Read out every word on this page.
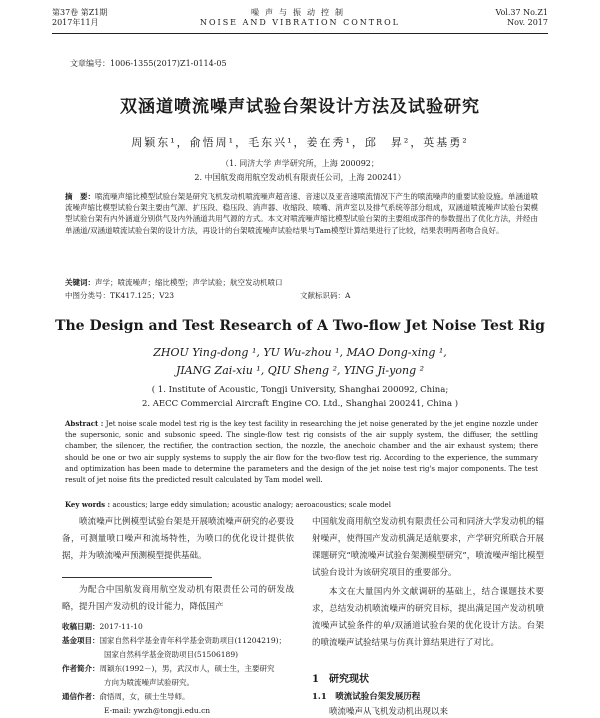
第37卷 第Z1期
2017年11月
噪声与振动控制
NOISE AND VIBRATION CONTROL
Vol.37 No.Z1
Nov. 2017
文章编号：1006-1355(2017)Z1-0114-05
双涵道喷流噪声试验台架设计方法及试验研究
周颖东¹，俞悟周¹，毛东兴¹，姜在秀¹，邱　昇²，英基勇²
（1. 同济大学 声学研究所，上海 200092；
2. 中国航发商用航空发动机有限责任公司，上海 200241）
摘　要：喷流噪声缩比模型试验台架是研究飞机发动机喷流噪声超音速、音速以及亚音速喷流情况下产生的喷流噪声的重要试验设施。单涵道喷流噪声缩比模型试验台架主要由气源、扩压段、稳压段、消声器、收缩段、喷嘴、消声室以及排气系统等部分组成，双涵道喷流噪声试验台架模型试验台架有内外涵道分别供气及内外涵道共用气源的方式。本文对喷流噪声缩比模型试验台架的主要组成部件的参数提出了优化方法，并经由单涵道/双涵道喷流试验台架的设计方法，再设计的台架喷流噪声试验结果与Tam模型计算结果进行了比较，结果表明两者吻合良好。
关键词：声学；喷流噪声；缩比模型；声学试验；航空发动机喷口
中图分类号：TK417.125；V23	文献标识码：A
The Design and Test Research of A Two-flow Jet Noise Test Rig
ZHOU Ying-dong ¹, YU Wu-zhou ¹, MAO Dong-xing ¹,
JIANG Zai-xiu ¹, QIU Sheng ², YING Ji-yong ²
( 1. Institute of Acoustic, Tongji University, Shanghai 200092, China;
2. AECC Commercial Aircraft Engine CO. Ltd., Shanghai 200241, China )
Abstract : Jet noise scale model test rig is the key test facility in researching the jet noise generated by the jet engine nozzle under the supersonic, sonic and subsonic speed. The single-flow test rig consists of the air supply system, the diffuser, the settling chamber, the silencer, the rectifier, the contraction section, the nozzle, the anechoic chamber and the air exhaust system; there should be one or two air supply systems to supply the air flow for the two-flow test rig. According to the experience, the summary and optimization has been made to determine the parameters and the design of the jet noise test rig's major components. The test result of jet noise fits the predicted result calculated by Tam model well.
Key words : acoustics; large eddy simulation; acoustic analogy; aeroacoustics; scale model
喷流噪声比例模型试验台架是开展喷流噪声研究的必要设备，可测量喷口噪声和流场特性，为喷口的优化设计提供依据，并为喷流噪声预测模型提供基础。
为配合中国航发商用航空发动机有限责任公司的研发战略，提升国产发动机的设计能力，降低国产
收稿日期：2017-11-10
基金项目：国家自然科学基金青年科学基金资助项目(11204219)；
国家自然科学基金资助项目(51506189)
作者简介：周颖东(1992－)，男，武汉市人，硕士生，主要研究
方向为喷流噪声试验研究。
通信作者：俞悟周，女，硕士生导师。
E-mail: ywzh@tongji.edu.cn
中国航发商用航空发动机有限责任公司和同济大学发动机的辐射噪声，使得国产发动机满足适航要求，产学研究所联合开展课题研究“喷流噪声试验台架测模型研究”，喷流噪声缩比模型试验台设计为该研究项目的重要部分。
本文在大量国内外文献调研的基础上，结合课题技术要求，总结发动机喷流噪声的研究目标，提出满足国产发动机喷流噪声试验条件的单/双涵道试验台架的优化设计方法。台架的喷流噪声试验结果与仿真计算结果进行了对比。
1　研究现状
1.1　喷流试验台架发展历程
喷流噪声从飞机发动机出现以来
